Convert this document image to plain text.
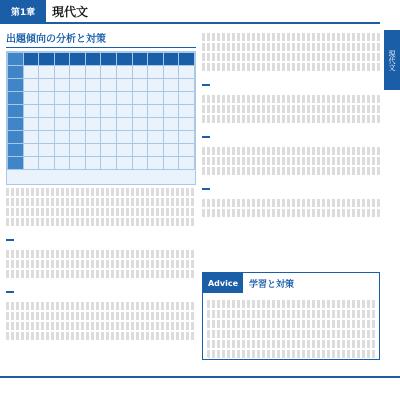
第1章	現代文
現代文
出題傾向の分析と対策

Advice	学習と対策
